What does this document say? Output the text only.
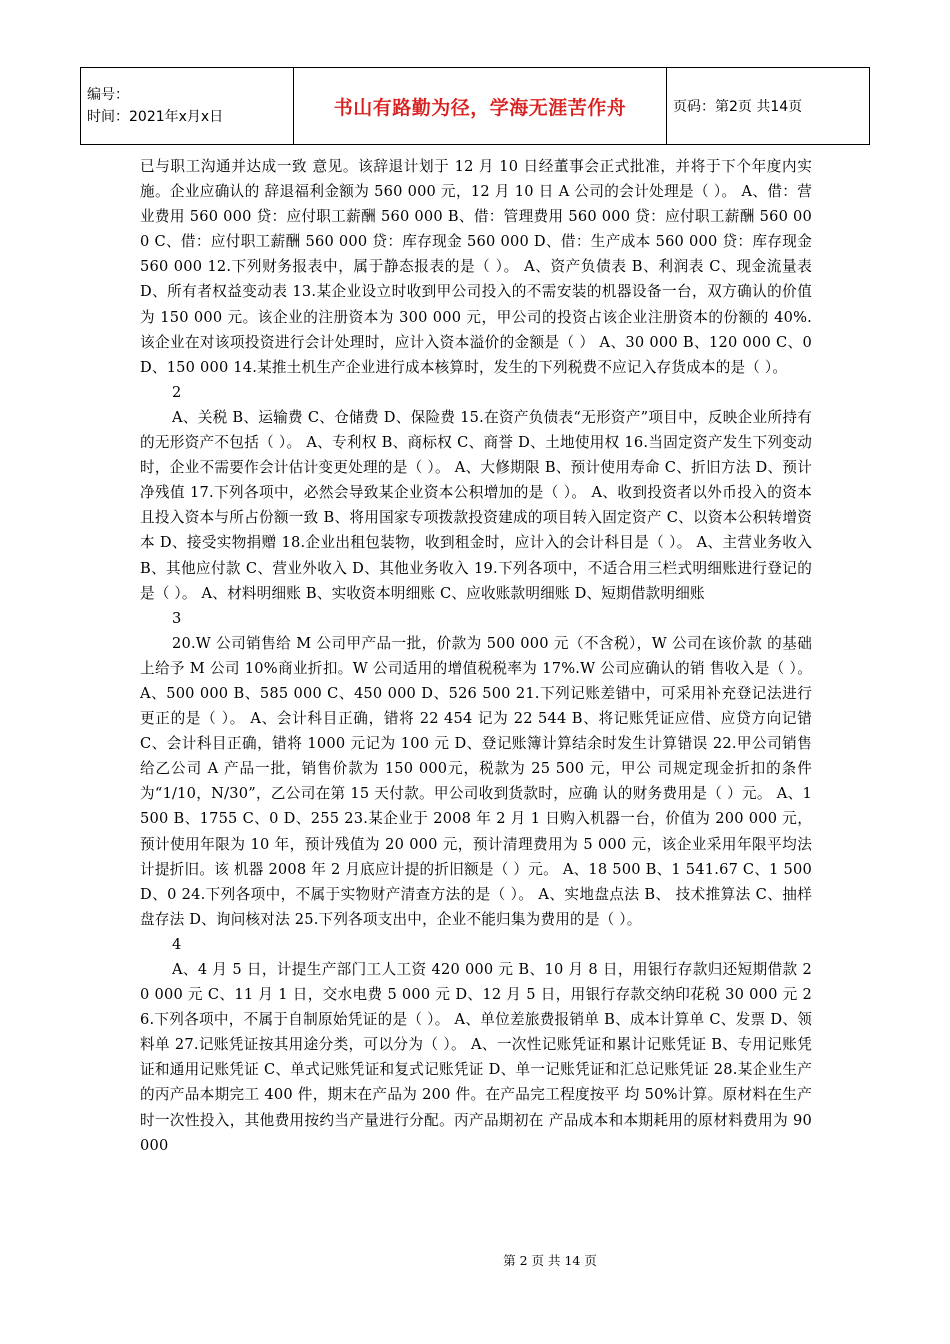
编号：
时间：2021年x月x日	书山有路勤为径，学海无涯苦作舟	页码：第2页 共14页

已与职工沟通并达成一致 意见。该辞退计划于 12 月 10 日经董事会正式批准，并将于下个年度内实施。企业应确认的 辞退福利金额为 560 000 元，12 月 10 日 A 公司的会计处理是（ ）。 A、借：营业费用 560 000 贷：应付职工薪酬 560 000 B、借：管理费用 560 000 贷：应付职工薪酬 560 000 C、借：应付职工薪酬 560 000 贷：库存现金 560 000 D、借：生产成本 560 000 贷：库存现金 560 000 12.下列财务报表中，属于静态报表的是（ ）。 A、资产负债表 B、利润表 C、现金流量表 D、所有者权益变动表 13.某企业设立时收到甲公司投入的不需安装的机器设备一台，双方确认的价值为 150 000 元。该企业的注册资本为 300 000 元，甲公司的投资占该企业注册资本的份额的 40%. 该企业在对该项投资进行会计处理时，应计入资本溢价的金额是（ ） A、30 000 B、120 000 C、0 D、150 000 14.某推土机生产企业进行成本核算时，发生的下列税费不应记入存货成本的是（ ）。

2

A、关税 B、运输费 C、仓储费 D、保险费 15.在资产负债表“无形资产”项目中，反映企业所持有的无形资产不包括（ ）。 A、专利权 B、商标权 C、商誉 D、土地使用权 16.当固定资产发生下列变动时，企业不需要作会计估计变更处理的是（ ）。 A、大修期限 B、预计使用寿命 C、折旧方法 D、预计净残值 17.下列各项中，必然会导致某企业资本公积增加的是（ ）。 A、收到投资者以外币投入的资本且投入资本与所占份额一致 B、将用国家专项拨款投资建成的项目转入固定资产 C、以资本公积转增资本 D、接受实物捐赠 18.企业出租包装物，收到租金时，应计入的会计科目是（ ）。 A、主营业务收入 B、其他应付款 C、营业外收入 D、其他业务收入 19.下列各项中，不适合用三栏式明细账进行登记的是（ ）。 A、材料明细账 B、实收资本明细账 C、应收账款明细账 D、短期借款明细账

3

20.W 公司销售给 M 公司甲产品一批，价款为 500 000 元（不含税），W 公司在该价款 的基础上给予 M 公司 10%商业折扣。W 公司适用的增值税税率为 17%.W 公司应确认的销 售收入是（ ）。 A、500 000 B、585 000 C、450 000 D、526 500 21.下列记账差错中，可采用补充登记法进行更正的是（ ）。 A、会计科目正确，错将 22 454 记为 22 544 B、将记账凭证应借、应贷方向记错 C、会计科目正确，错将 1000 元记为 100 元 D、登记账簿计算结余时发生计算错误 22.甲公司销售给乙公司 A 产品一批，销售价款为 150 000元，税款为 25 500 元，甲公 司规定现金折扣的条件为“1/10，N/30”，乙公司在第 15 天付款。甲公司收到货款时，应确 认的财务费用是（ ）元。 A、1500 B、1755 C、0 D、255 23.某企业于 2008 年 2 月 1 日购入机器一台，价值为 200 000 元，预计使用年限为 10 年，预计残值为 20 000 元，预计清理费用为 5 000 元，该企业采用年限平均法计提折旧。该 机器 2008 年 2 月底应计提的折旧额是（ ）元。 A、18 500 B、1 541.67 C、1 500 D、0 24.下列各项中，不属于实物财产清查方法的是（ ）。 A、实地盘点法 B、 技术推算法 C、抽样盘存法 D、询问核对法 25.下列各项支出中，企业不能归集为费用的是（ ）。

4

A、4 月 5 日，计提生产部门工人工资 420 000 元 B、10 月 8 日，用银行存款归还短期借款 20 000 元 C、11 月 1 日，交水电费 5 000 元 D、12 月 5 日，用银行存款交纳印花税 30 000 元 26.下列各项中，不属于自制原始凭证的是（ ）。 A、单位差旅费报销单 B、成本计算单 C、发票 D、领料单 27.记账凭证按其用途分类，可以分为（ ）。 A、一次性记账凭证和累计记账凭证 B、专用记账凭证和通用记账凭证 C、单式记账凭证和复式记账凭证 D、单一记账凭证和汇总记账凭证 28.某企业生产的丙产品本期完工 400 件，期末在产品为 200 件。在产品完工程度按平 均 50%计算。原材料在生产时一次性投入，其他费用按约当产量进行分配。丙产品期初在 产品成本和本期耗用的原材料费用为 90 000

第 2 页 共 14 页
